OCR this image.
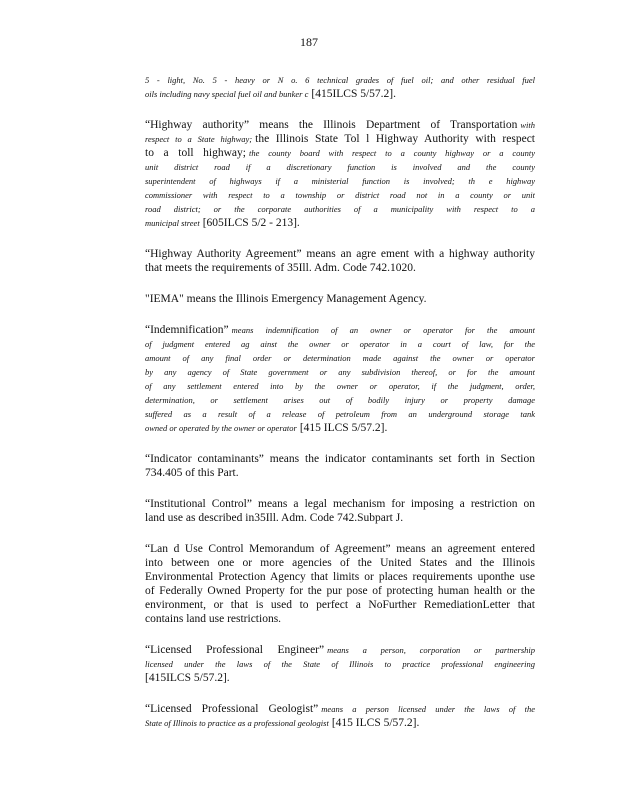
187
5 - light, No. 5 - heavy or N o. 6 technical grades of fuel oil; and other residual fuel
oils including navy special fuel oil and bunker c [415ILCS 5/57.2].
“Highway authority” means the Illinois Department of Transportation with
respect to a State highway; the Illinois State Tol l Highway Authority with respect
to a toll highway; the county board with respect to a county highway or a county
unit district road if a discretionary function is involved and the county
superintendent of highways if a ministerial function is involved; th e highway
commissioner with respect to a township or district road not in a county or unit
road district; or the corporate authorities of a municipality with respect to a
municipal street [605ILCS 5/2 - 213].
“Highway Authority Agreement” means an agre ement with a highway authority
that meets the requirements of 35Ill. Adm. Code 742.1020.
"IEMA" means the Illinois Emergency Management Agency.
“Indemnification” means indemnification of an owner or operator for the amount
of judgment entered ag ainst the owner or operator in a court of law, for the
amount of any final order or determination made against the owner or operator
by any agency of State government or any subdivision thereof, or for the amount
of any settlement entered into by the owner or operator, if the judgment, order,
determination, or settlement arises out of bodily injury or property damage
suffered as a result of a release of petroleum from an underground storage tank
owned or operated by the owner or operator [415 ILCS 5/57.2].
“Indicator contaminants” means the indicator contaminants set forth in Section
734.405 of this Part.
“Institutional Control” means a legal mechanism for imposing a restriction on
land use as described in35Ill. Adm. Code 742.Subpart J.
“Lan d Use Control Memorandum of Agreement” means an agreement entered
into between one or more agencies of the United States and the Illinois
Environmental Protection Agency that limits or places requirements uponthe use
of Federally Owned Property for the pur pose of protecting human health or the
environment, or that is used to perfect a NoFurther RemediationLetter that
contains land use restrictions.
“Licensed Professional Engineer” means a person, corporation or partnership
licensed under the laws of the State of Illinois to practice professional engineering
[415ILCS 5/57.2].
“Licensed Professional Geologist” means a person licensed under the laws of the
State of Illinois to practice as a professional geologist [415 ILCS 5/57.2].
